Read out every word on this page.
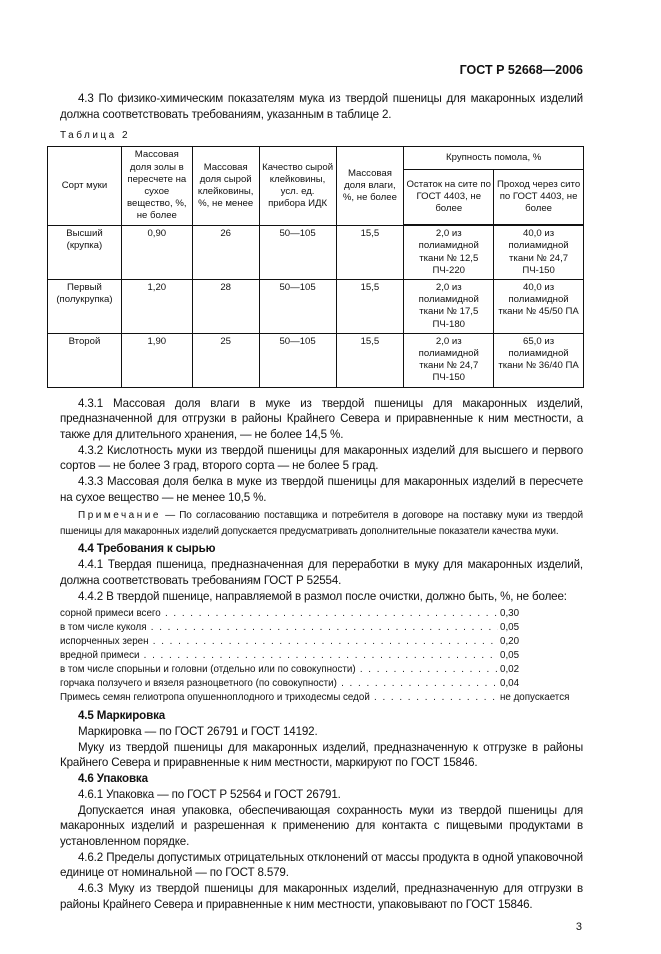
ГОСТ Р 52668—2006
4.3 По физико-химическим показателям мука из твердой пшеницы для макаронных изделий должна соответствовать требованиям, указанным в таблице 2.
Таблица 2
Сорт муки	Массовая доля золы в пересчете на сухое вещество, %, не более	Массовая доля сырой клейковины, %, не менее	Качество сырой клейковины, усл. ед. прибора ИДК	Массовая доля влаги, %, не более	Крупность помола, %	
					Остаток на сите по ГОСТ 4403, не более	Проход через сито по ГОСТ 4403, не более
Высший (крупка)	0,90	26	50—105	15,5	2,0 из полиамидной ткани № 12,5 ПЧ-220	40,0 из полиамидной ткани № 24,7 ПЧ-150
Первый (полукрупка)	1,20	28	50—105	15,5	2,0 из полиамидной ткани № 17,5 ПЧ-180	40,0 из полиамидной ткани № 45/50 ПА
Второй	1,90	25	50—105	15,5	2,0 из полиамидной ткани № 24,7 ПЧ-150	65,0 из полиамидной ткани № 36/40 ПА
4.3.1 Массовая доля влаги в муке из твердой пшеницы для макаронных изделий, предназначенной для отгрузки в районы Крайнего Севера и приравненные к ним местности, а также для длительного хранения, — не более 14,5 %.
4.3.2 Кислотность муки из твердой пшеницы для макаронных изделий для высшего и первого сортов — не более 3 град, второго сорта — не более 5 град.
4.3.3 Массовая доля белка в муке из твердой пшеницы для макаронных изделий в пересчете на сухое вещество — не менее 10,5 %.
Примечание — По согласованию поставщика и потребителя в договоре на поставку муки из твердой пшеницы для макаронных изделий допускается предусматривать дополнительные показатели качества муки.
4.4 Требования к сырью
4.4.1 Твердая пшеница, предназначенная для переработки в муку для макаронных изделий, должна соответствовать требованиям ГОСТ Р 52554.
4.4.2 В твердой пшенице, направляемой в размол после очистки, должно быть, %, не более:
сорной примеси всего . . .	0,30
в том числе куколя . . .	0,05
испорченных зерен . . .	0,20
вредной примеси . . .	0,05
в том числе спорыньи и головни (отдельно или по совокупности) . . .	0,02
горчака ползучего и вязеля разноцветного (по совокупности) . . .	0,04
Примесь семян гелиотропа опушенноплодного и триходесмы седой . . .	не допускается
4.5 Маркировка
Маркировка — по ГОСТ 26791 и ГОСТ 14192.
Муку из твердой пшеницы для макаронных изделий, предназначенную к отгрузке в районы Крайнего Севера и приравненные к ним местности, маркируют по ГОСТ 15846.
4.6 Упаковка
4.6.1 Упаковка — по ГОСТ Р 52564 и ГОСТ 26791.
Допускается иная упаковка, обеспечивающая сохранность муки из твердой пшеницы для макаронных изделий и разрешенная к применению для контакта с пищевыми продуктами в установленном порядке.
4.6.2 Пределы допустимых отрицательных отклонений от массы продукта в одной упаковочной единице от номинальной — по ГОСТ 8.579.
4.6.3 Муку из твердой пшеницы для макаронных изделий, предназначенную для отгрузки в районы Крайнего Севера и приравненные к ним местности, упаковывают по ГОСТ 15846.
3
